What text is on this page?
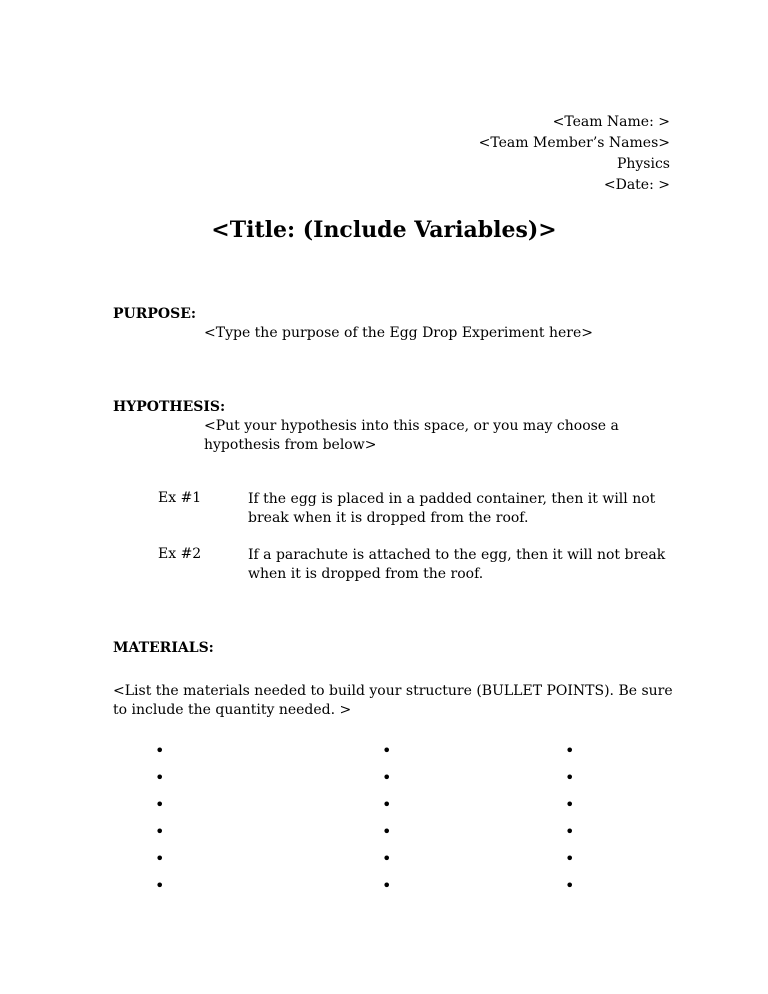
<Team Name: >
<Team Member’s Names>
Physics
<Date: >
<Title: (Include Variables)>
PURPOSE:
<Type the purpose of the Egg Drop Experiment here>
HYPOTHESIS:
<Put your hypothesis into this space, or you may choose a hypothesis from below>
Ex #1	If the egg is placed in a padded container, then it will not break when it is dropped from the roof.
Ex #2	If a parachute is attached to the egg, then it will not break when it is dropped from the roof.
MATERIALS:
<List the materials needed to build your structure (BULLET POINTS). Be sure to include the quantity needed. >
•
•
•
•
•
•
•
•
•
•
•
•
•
•
•
•
•
•
